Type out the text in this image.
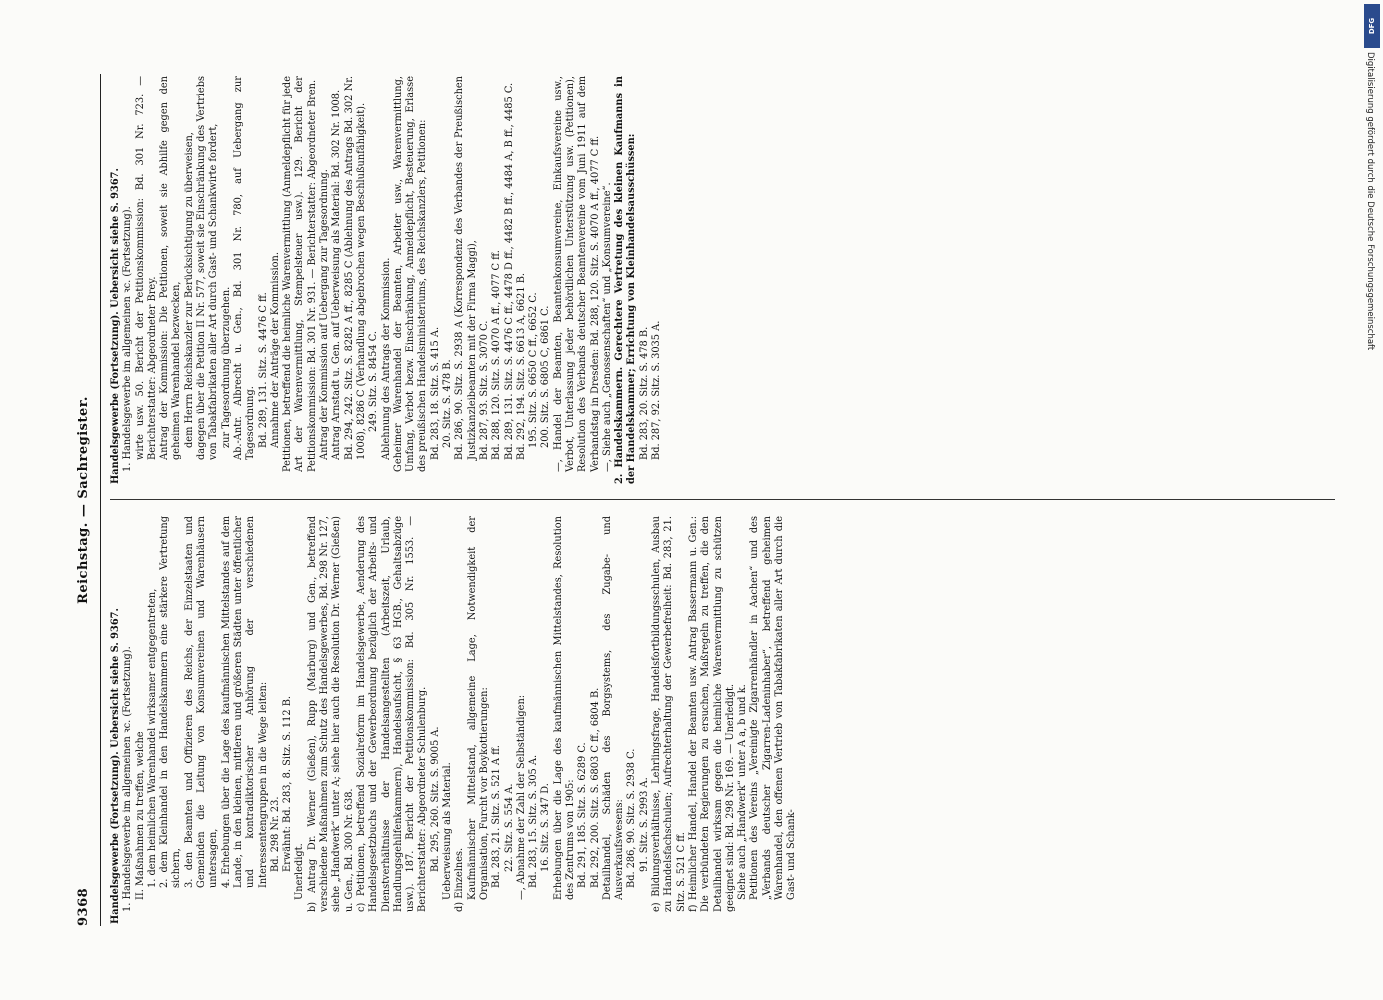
9368
Reichstag. — Sachregister.

Handelsgewerbe (Fortsetzung). Uebersicht siehe S. 9367. 1. Handelsgewerbe im allgemeinen ꝛc. (Fortsetzung). II. Maßnahmen zu treffen, welche 1. dem heimlichen Warenhandel wirksamer entgegentreten, 2. dem Kleinhandel in den Handelskammern eine stärkere Vertretung sichern, 3. den Beamten und Offizieren des Reichs, der Einzelstaaten und Gemeinden die Leitung von Konsumvereinen und Warenhäusern untersagen, 4. Erhebungen über die Lage des kaufmännischen Mittelstandes auf dem Lande, in den kleinen, mittleren und größeren Städten unter öffentlicher und kontradiktorischer Anhörung der verschiedenen Interessentengruppen in die Wege leiten: Bd. 298 Nr. 23. Erwähnt: Bd. 283, 8. Sitz. S. 112 B. Unerledigt. b) Antrag Dr. Werner (Gießen), Rupp (Marburg) und Gen., betreffend verschiedene Maßnahmen zum Schutz des Handelsgewerbes, Bd. 298 Nr. 127, siehe „Handwerk“ unter A; siehe hier auch die Resolution Dr. Werner (Gießen) u. Gen., Bd. 300 Nr. 638. c) Petitionen, betreffend Sozialreform im Handelsgewerbe, Aenderung des Handelsgesetzbuchs und der Gewerbeordnung bezüglich der Arbeits- und Dienstverhältnisse der Handelsangestellten (Arbeitszeit, Urlaub, Handlungsgehilfenkammern), Handelsaufsicht, § 63 HGB., Gehaltsabzüge usw.). 187. Bericht der Petitionskommission: Bd. 305 Nr. 1553. — Berichterstatter: Abgeordneter Schulenburg. Bd. 295, 260. Sitz. S. 9005 A. Ueberweisung als Material. d) Einzelnes. Kaufmännischer Mittelstand, allgemeine Lage, Notwendigkeit der Organisation, Furcht vor Boykottierungen: Bd. 283, 21. Sitz. S. 521 A ff. 22. Sitz. S. 554 A. —, Abnahme der Zahl der Selbständigen: Bd. 283, 15. Sitz. S. 305 A. 16. Sitz. S. 347 D. Erhebungen über die Lage des kaufmännischen Mittelstandes, Resolution des Zentrums von 1905: Bd. 291, 185. Sitz. S. 6289 C. Bd. 292, 200. Sitz. S. 6803 C ff., 6804 B. Detailhandel, Schäden des Borgsystems, des Zugabe- und Ausverkaufswesens: Bd. 286, 90. Sitz. S. 2938 C. 91. Sitz. S. 2993 A. e) Bildungsverhältnisse, Lehrlingsfrage, Handelsfortbildungsschulen, Ausbau zu Handelsfachschulen; Aufrechterhaltung der Gewerbefreiheit: Bd. 283, 21. Sitz. S. 521 C ff. f) Heimlicher Handel, Handel der Beamten usw. Antrag Bassermann u. Gen.: Die verbündeten Regierungen zu ersuchen, Maßregeln zu treffen, die den Detailhandel wirksam gegen die heimliche Warenvermittlung zu schützen geeignet sind: Bd. 298 Nr. 169. — Unerledigt. Siehe auch „Handwerk“ unter A a, b und k. Petitionen des Vereins „Vereinigte Zigarrenhändler in Aachen“ und des „Verbands deutscher Zigarren-Ladeninhaber“, betreffend geheimen Warenhandel, den offenen Vertrieb von Tabakfabrikaten aller Art durch die Gast- und Schank-

Handelsgewerbe (Fortsetzung). Uebersicht siehe S. 9367. 1. Handelsgewerbe im allgemeinen ꝛc. (Fortsetzung). wirte usw. 50. Bericht der Petitionskommission: Bd. 301 Nr. 723. — Berichterstatter: Abgeordneter Brey. Antrag der Kommission: Die Petitionen, soweit sie Abhilfe gegen den geheimen Warenhandel bezwecken, dem Herrn Reichskanzler zur Berücksichtigung zu überweisen, dagegen über die Petition II Nr. 577, soweit sie Einschränkung des Vertriebs von Tabakfabrikaten aller Art durch Gast- und Schankwirte fordert, zur Tagesordnung überzugehen. Ab.-Antr. Albrecht u. Gen., Bd. 301 Nr. 780, auf Uebergang zur Tagesordnung. Bd. 289, 131. Sitz. S. 4476 C ff. Annahme der Anträge der Kommission. Petitionen, betreffend die heimliche Warenvermittlung (Anmeldepflicht für jede Art der Warenvermittlung, Stempelsteuer usw.). 129. Bericht der Petitionskommission: Bd. 301 Nr. 931. — Berichterstatter: Abgeordneter Bren. Antrag der Kommission auf Uebergang zur Tagesordnung. Antrag Arnstadt u. Gen. auf Ueberweisung als Material: Bd. 302 Nr. 1008. Bd. 294, 242. Sitz. S. 8282 A ff., 8285 C (Ablehnung des Antrags Bd. 302 Nr. 1008), 8286 C (Verhandlung abgebrochen wegen Beschlußunfähigkeit). 249. Sitz. S. 8454 C. Ablehnung des Antrags der Kommission. Geheimer Warenhandel der Beamten, Arbeiter usw., Warenvermittlung, Umfang, Verbot bezw. Einschränkung, Anmeldepflicht, Besteuerung, Erlasse des preußischen Handelsministeriums, des Reichskanzlers, Petitionen: Bd. 283, 18. Sitz. S. 415 A. 20. Sitz. S. 478 B. Bd. 286, 90. Sitz. S. 2938 A (Korrespondenz des Verbandes der Preußischen Justizkanzleibeamten mit der Firma Maggi), Bd. 287, 93. Sitz. S. 3070 C. Bd. 288, 120. Sitz. S. 4070 A ff., 4077 C ff. Bd. 289, 131. Sitz. S. 4476 C ff., 4478 D ff., 4482 B ff., 4484 A, B ff., 4485 C. Bd. 292, 194. Sitz. S. 6613 A, 6621 B. 195. Sitz. S. 6650 C ff., 6652 C. 200. Sitz. S. 6805 C, 6861 C. —, Handel der Beamten, Beamtenkonsumvereine, Einkaufsvereine usw., Verbot, Unterlassung jeder behördlichen Unterstützung usw. (Petitionen), Resolution des Verbands deutscher Beamtenvereine vom Juni 1911 auf dem Verbandstag in Dresden: Bd. 288, 120. Sitz. S. 4070 A ff., 4077 C ff. —, Siehe auch „Genossenschaften“ und „Konsumvereine“. 2. Handelskammern. Gerechtere Vertretung des kleinen Kaufmanns in der Handelskammer; Errichtung von Kleinhandelsausschüssen: Bd. 283, 20. Sitz. S. 478 B. Bd. 287, 92. Sitz. S. 3035 A.

DFG
Digitalisierung gefördert durch die Deutsche Forschungsgemeinschaft
